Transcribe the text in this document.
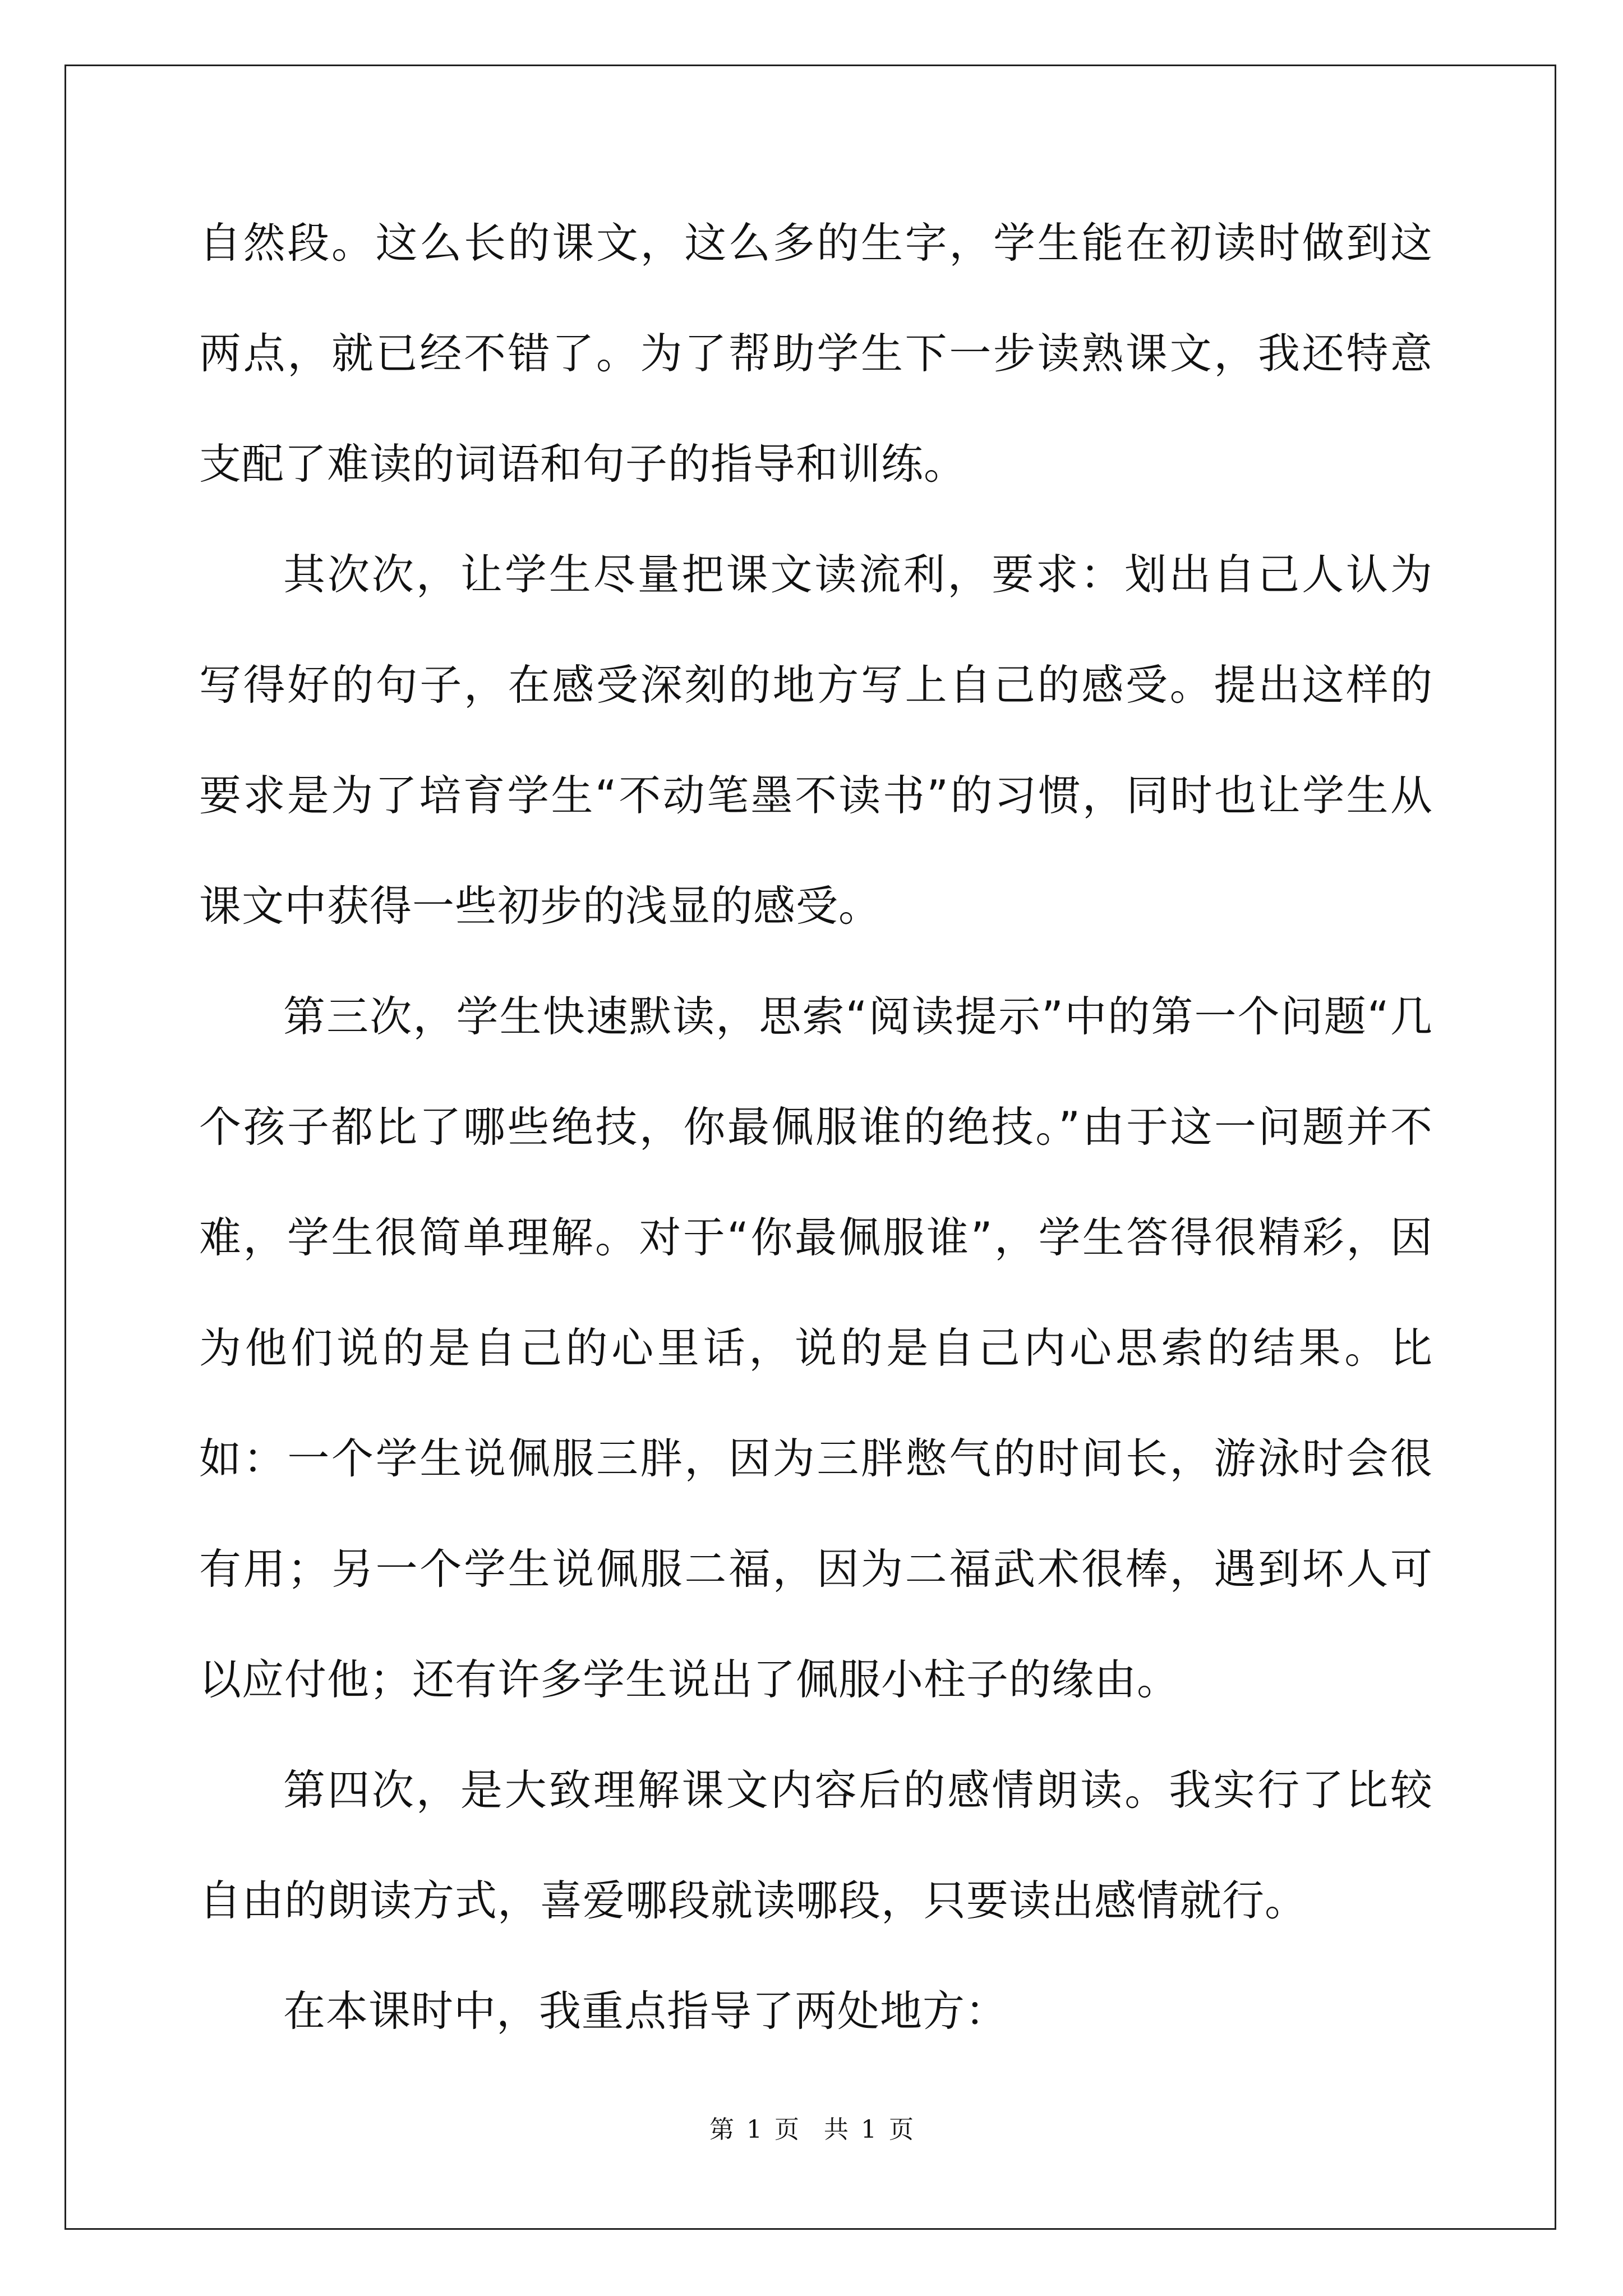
自然段。这么长的课文，这么多的生字，学生能在初读时做到这两点，就已经不错了。为了帮助学生下一步读熟课文，我还特意支配了难读的词语和句子的指导和训练。

其次次，让学生尽量把课文读流利，要求：划出自己人认为写得好的句子，在感受深刻的地方写上自己的感受。提出这样的要求是为了培育学生“不动笔墨不读书”的习惯，同时也让学生从课文中获得一些初步的浅显的感受。

第三次，学生快速默读，思索“阅读提示”中的第一个问题“几个孩子都比了哪些绝技，你最佩服谁的绝技。”由于这一问题并不难，学生很简单理解。对于“你最佩服谁”，学生答得很精彩，因为他们说的是自己的心里话，说的是自己内心思索的结果。比如：一个学生说佩服三胖，因为三胖憋气的时间长，游泳时会很有用；另一个学生说佩服二福，因为二福武术很棒，遇到坏人可以应付他；还有许多学生说出了佩服小柱子的缘由。

第四次，是大致理解课文内容后的感情朗读。我实行了比较自由的朗读方式，喜爱哪段就读哪段，只要读出感情就行。

在本课时中，我重点指导了两处地方：

第 1 页　共 1 页
